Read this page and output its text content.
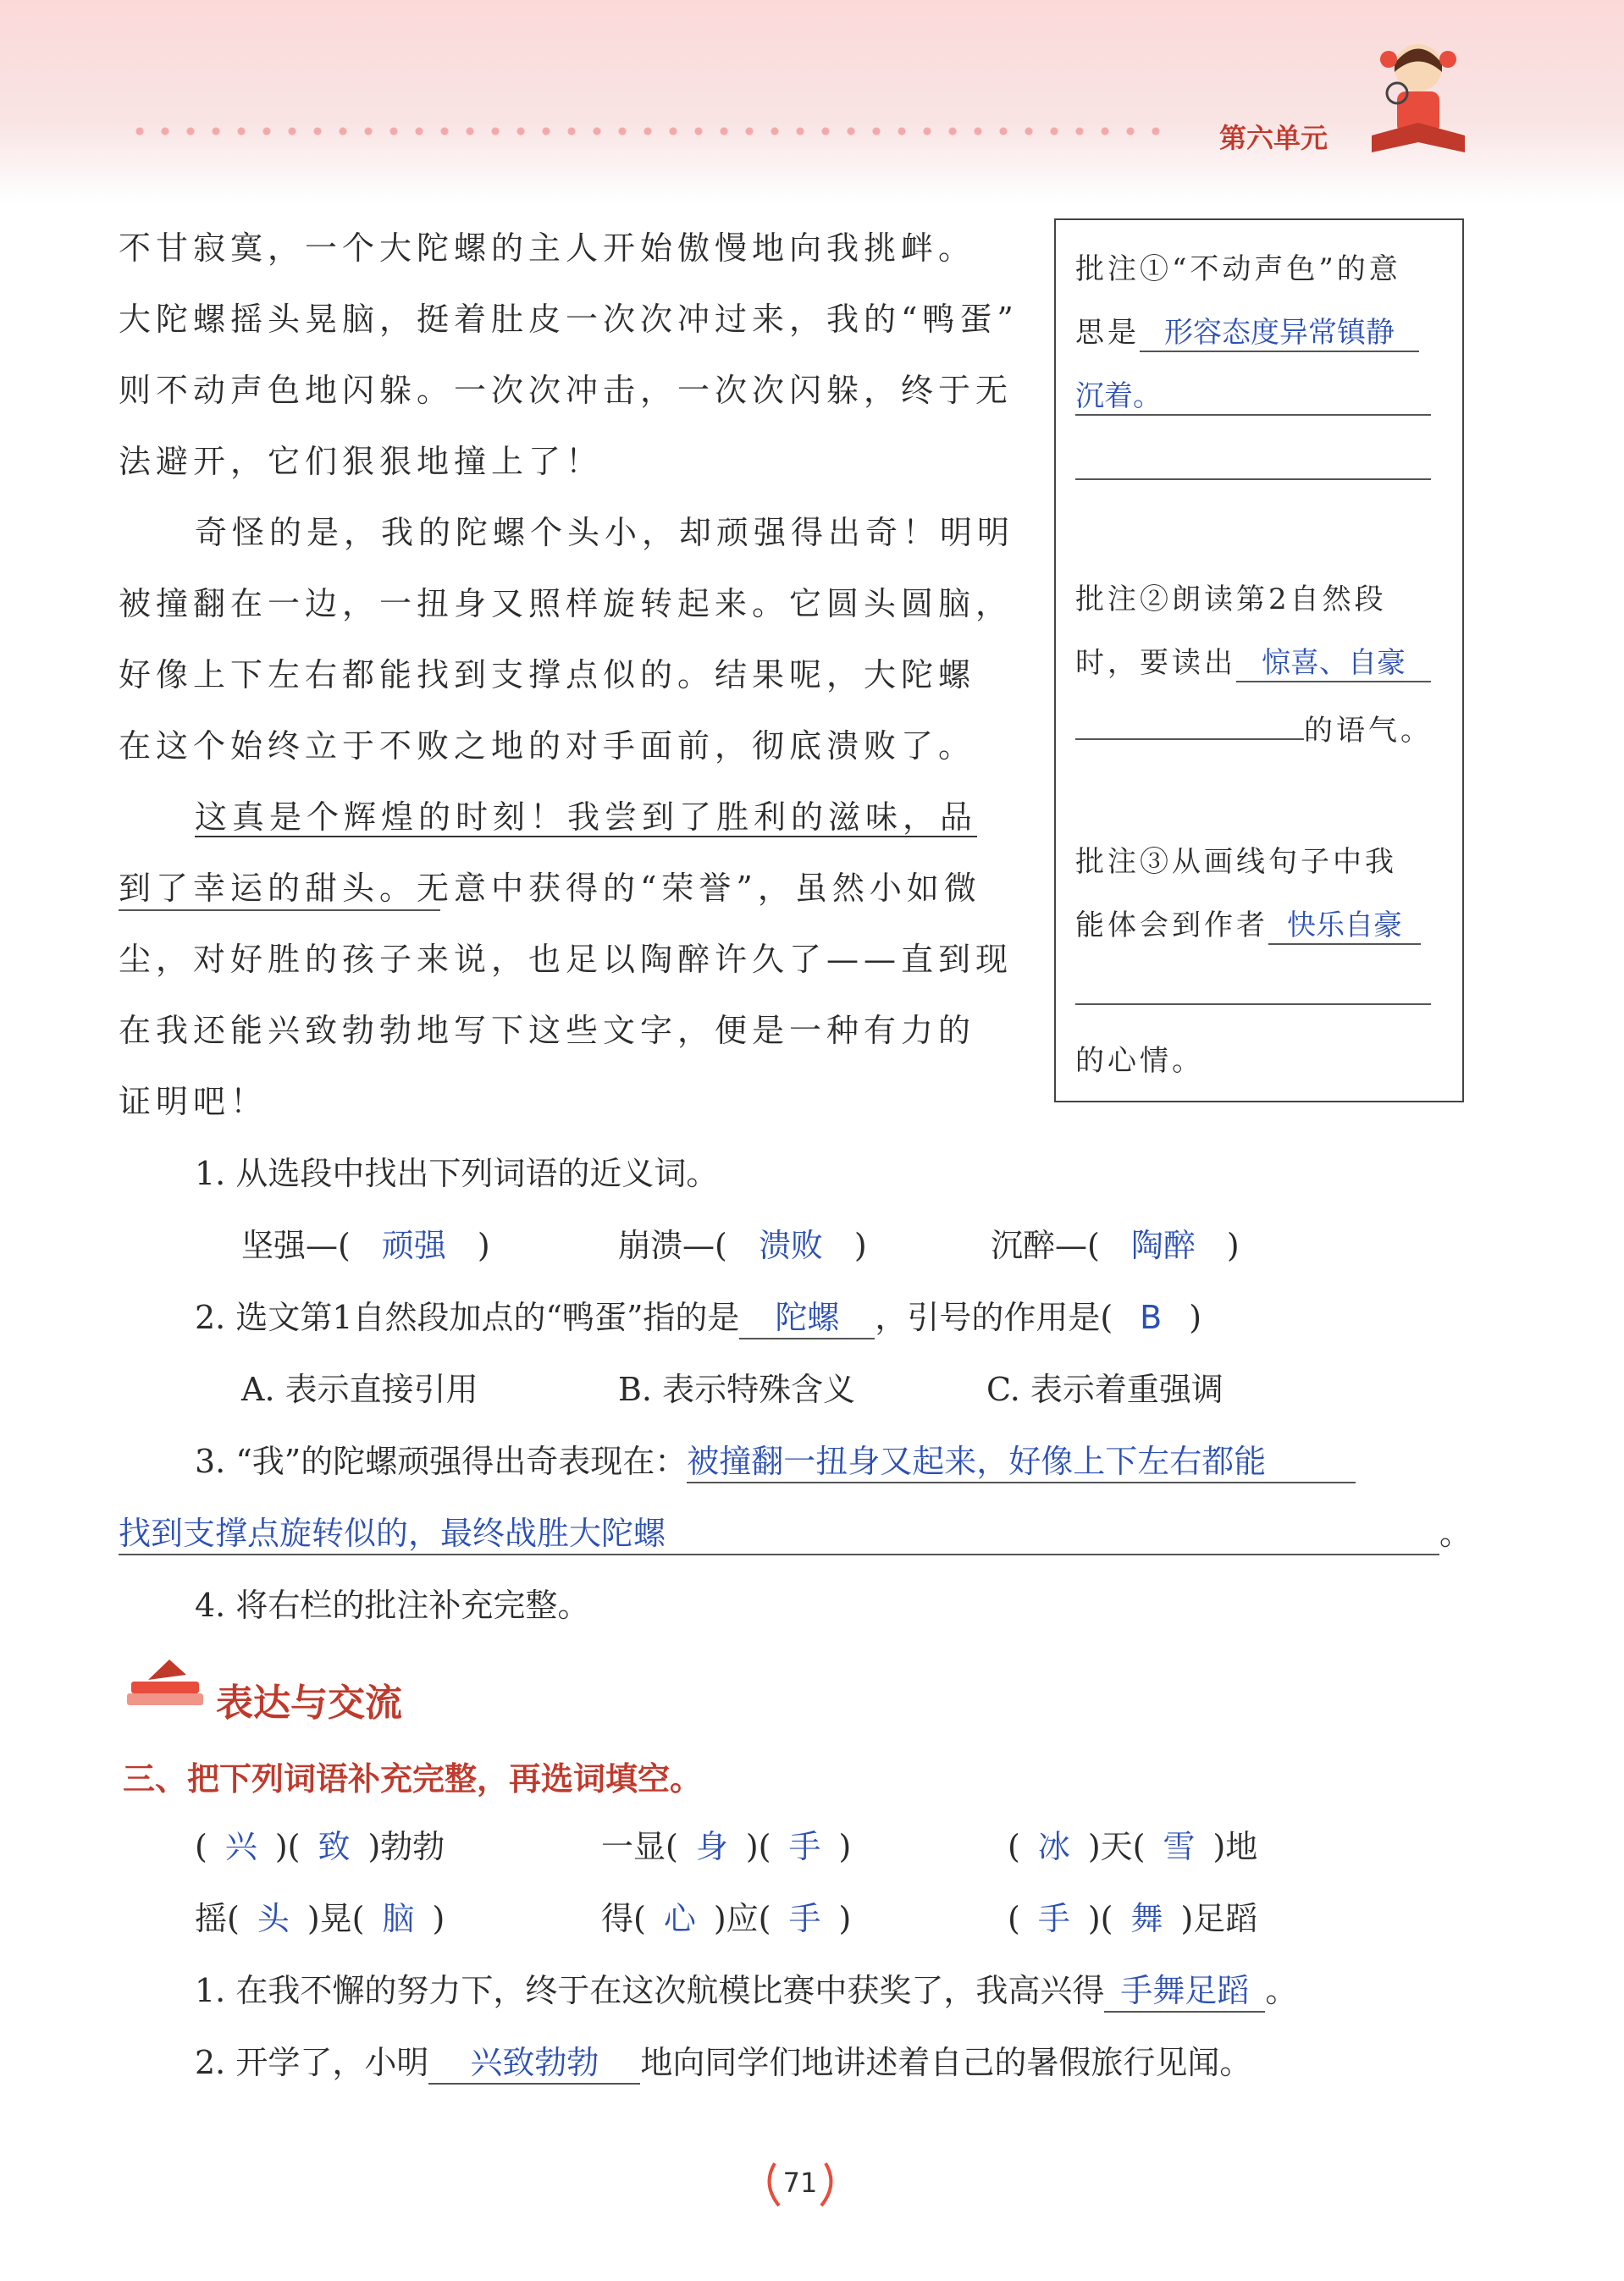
第六单元
不甘寂寞，一个大陀螺的主人开始傲慢地向我挑衅。
大陀螺摇头晃脑，挺着肚皮一次次冲过来，我的“鸭蛋”
则不动声色地闪躲。一次次冲击，一次次闪躲，终于无
法避开，它们狠狠地撞上了！
奇怪的是，我的陀螺个头小，却顽强得出奇！明明
被撞翻在一边，一扭身又照样旋转起来。它圆头圆脑，
好像上下左右都能找到支撑点似的。结果呢，大陀螺
在这个始终立于不败之地的对手面前，彻底溃败了。
这真是个辉煌的时刻！我尝到了胜利的滋味，品
到了幸运的甜头。无意中获得的“荣誉”，虽然小如微
尘，对好胜的孩子来说，也足以陶醉许久了——直到现
在我还能兴致勃勃地写下这些文字，便是一种有力的
证明吧！
批注①“不动声色”的意
思是 形容态度异常镇静
沉着。
批注②朗读第2自然段
时，要读出 惊喜、自豪
的语气。
批注③从画线句子中我
能体会到作者 快乐自豪
的心情。
1. 从选段中找出下列词语的近义词。
坚强—( 顽强 )	崩溃—( 溃败 )	沉醉—( 陶醉 )
2. 选文第1自然段加点的“鸭蛋”指的是 陀螺 ，引号的作用是( B )
A. 表示直接引用	B. 表示特殊含义	C. 表示着重强调
3. “我”的陀螺顽强得出奇表现在：被撞翻一扭身又起来，好像上下左右都能
找到支撑点旋转似的，最终战胜大陀螺	。
4. 将右栏的批注补充完整。
表达与交流
三、把下列词语补充完整，再选词填空。
( 兴 )( 致 )勃勃	一显( 身 )( 手 )	( 冰 )天( 雪 )地
摇( 头 )晃( 脑 )	得( 心 )应( 手 )	( 手 )( 舞 )足蹈
1. 在我不懈的努力下，终于在这次航模比赛中获奖了，我高兴得 手舞足蹈 。
2. 开学了，小明 兴致勃勃 地向同学们地讲述着自己的暑假旅行见闻。
71
